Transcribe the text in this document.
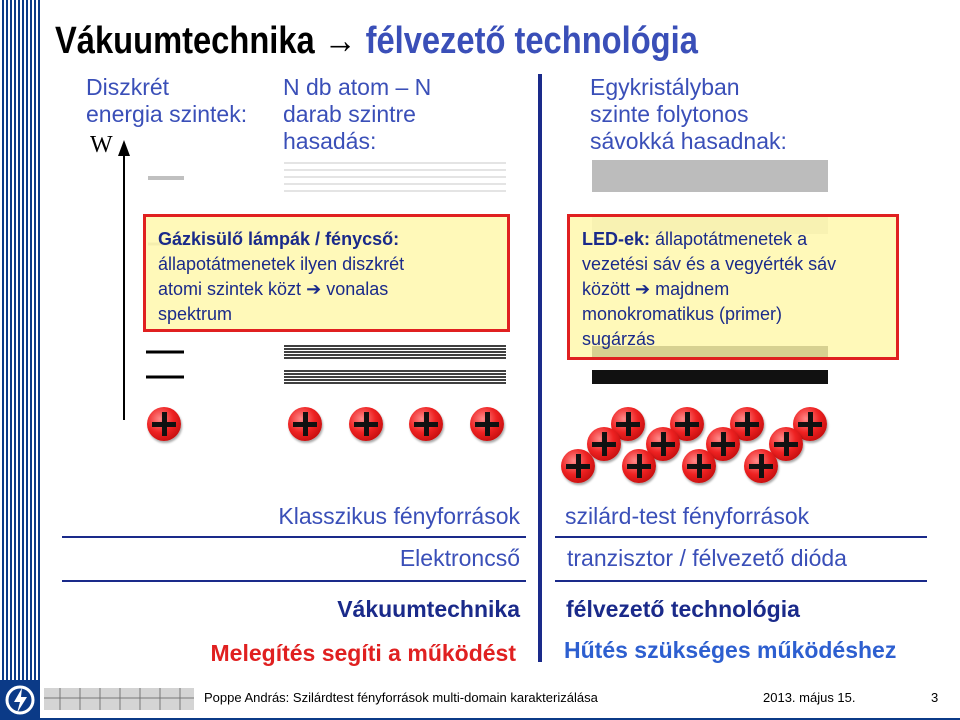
Vákuumtechnika → félvezető technológia
Diszkrét
energia szintek:
N db atom – N
darab szintre
hasadás:
Egykristályban
szinte folytonos
sávokká hasadnak:
W
Gázkisülő lámpák / fénycső:
állapotátmenetek ilyen diszkrét
atomi szintek közt ➔ vonalas
spektrum
LED-ek: állapotátmenetek a
vezetési sáv és a vegyérték sáv
között ➔ majdnem
monokromatikus (primer)
sugárzás
Klasszikus fényforrások
Elektroncső
Vákuumtechnika
Melegítés segíti a működést
szilárd-test fényforrások
tranzisztor / félvezető dióda
félvezető technológia
Hűtés szükséges működéshez
Poppe András: Szilárdtest fényforrások multi-domain karakterizálása	2013. május 15.	3
